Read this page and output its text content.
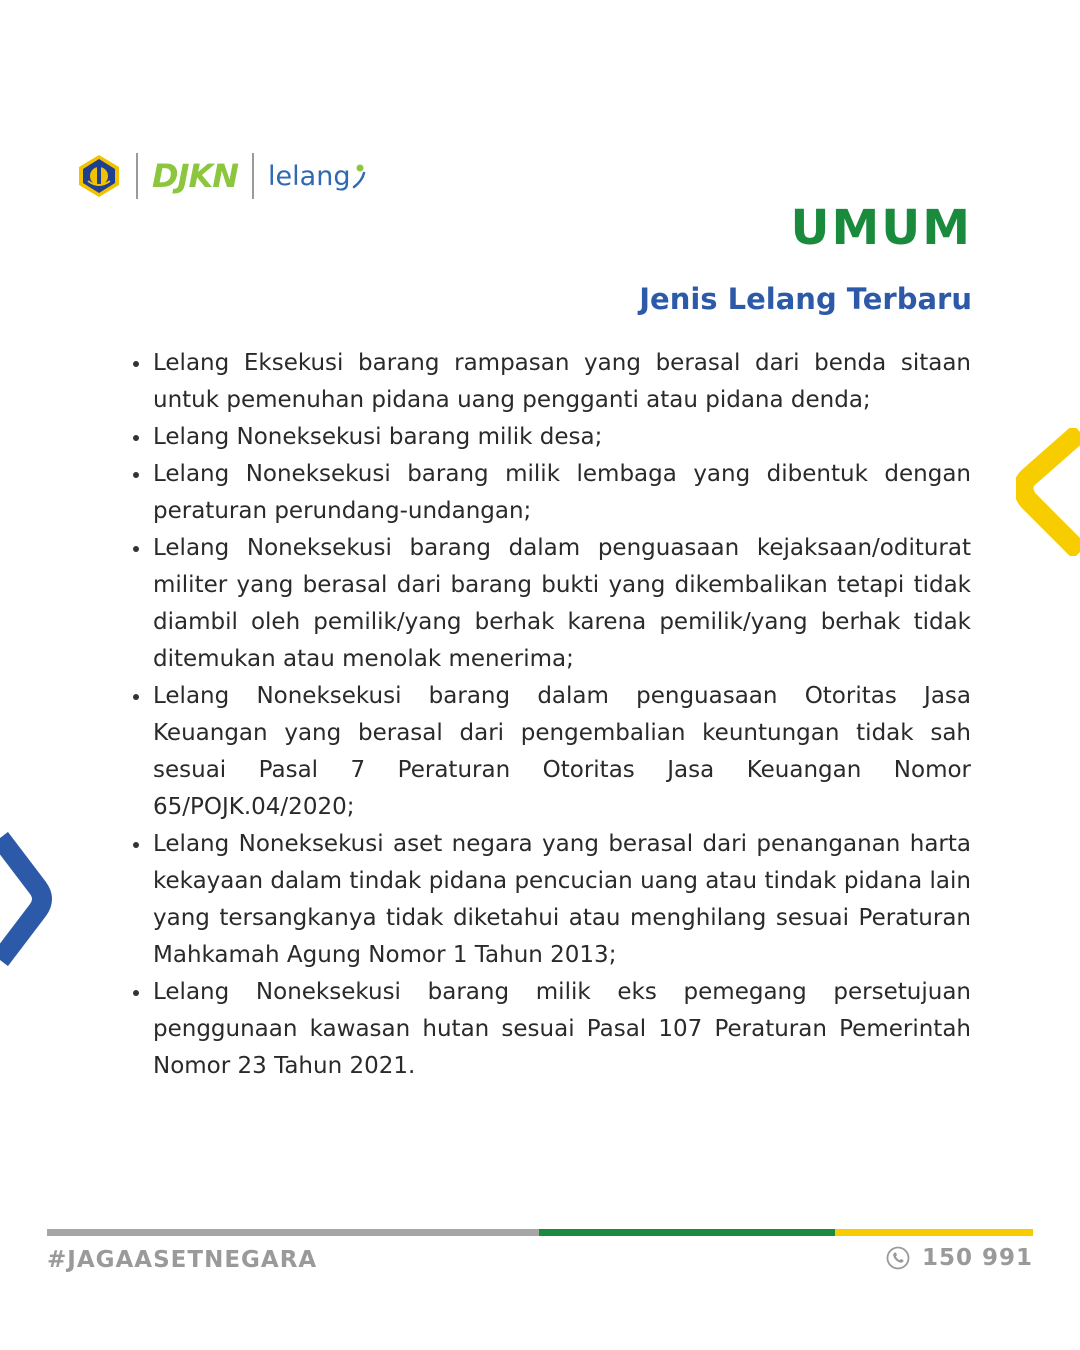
DJKN lelang
UMUM
Jenis Lelang Terbaru
Lelang Eksekusi barang rampasan yang berasal dari benda sitaan untuk pemenuhan pidana uang pengganti atau pidana denda;
Lelang Noneksekusi barang milik desa;
Lelang Noneksekusi barang milik lembaga yang dibentuk dengan peraturan perundang-undangan;
Lelang Noneksekusi barang dalam penguasaan kejaksaan/oditurat militer yang berasal dari barang bukti yang dikembalikan tetapi tidak diambil oleh pemilik/yang berhak karena pemilik/yang berhak tidak ditemukan atau menolak menerima;
Lelang Noneksekusi barang dalam penguasaan Otoritas Jasa Keuangan yang berasal dari pengembalian keuntungan tidak sah sesuai Pasal 7 Peraturan Otoritas Jasa Keuangan Nomor 65/POJK.04/2020;
Lelang Noneksekusi aset negara yang berasal dari penanganan harta kekayaan dalam tindak pidana pencucian uang atau tindak pidana lain yang tersangkanya tidak diketahui atau menghilang sesuai Peraturan Mahkamah Agung Nomor 1 Tahun 2013;
Lelang Noneksekusi barang milik eks pemegang persetujuan penggunaan kawasan hutan sesuai Pasal 107 Peraturan Pemerintah Nomor 23 Tahun 2021.
#JAGAASETNEGARA	150 991
